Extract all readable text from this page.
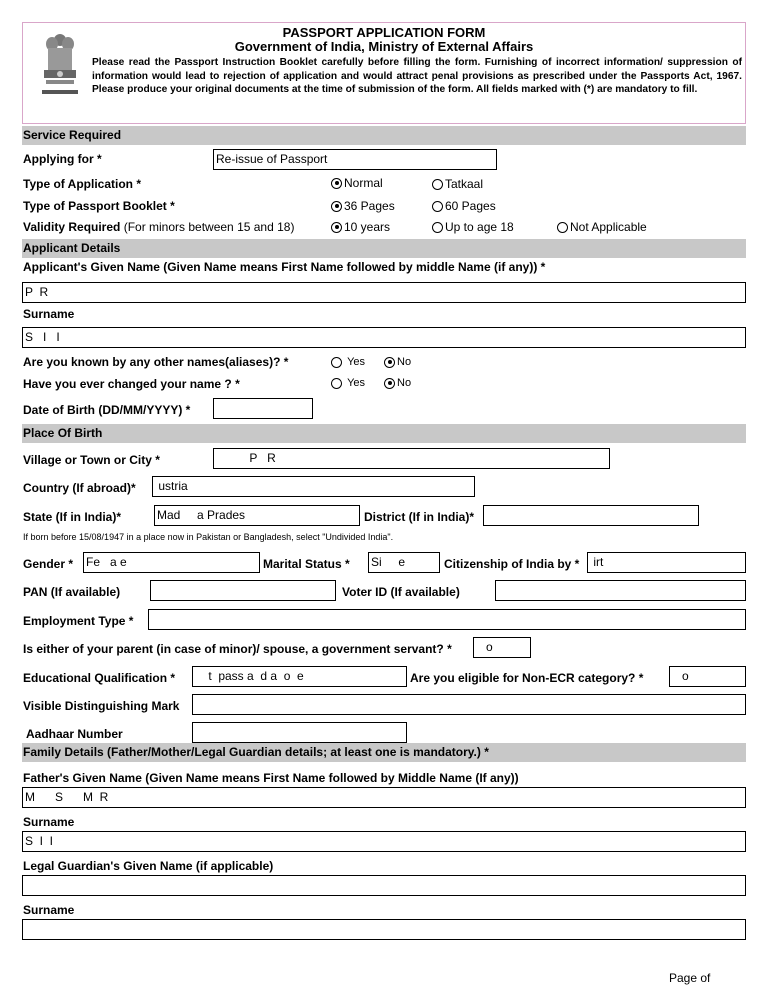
PASSPORT APPLICATION FORM
Government of India, Ministry of External Affairs
Please read the Passport Instruction Booklet carefully before filling the form. Furnishing of incorrect information/ suppression of information would lead to rejection of application and would attract penal provisions as prescribed under the Passports Act, 1967. Please produce your original documents at the time of submission of the form. All fields marked with (*) are mandatory to fill.
Service Required
Applying for *	Re-issue of Passport
Type of Application *	Normal	Tatkaal
Type of Passport Booklet *	36 Pages	60 Pages
Validity Required (For minors between 15 and 18)	10 years	Up to age 18	Not Applicable
Applicant Details
Applicant's Given Name (Given Name means First Name followed by middle Name (if any)) *
P  R
Surname
S   I   I
Are you known by any other names(aliases)? *
	Yes	No
Have you ever changed your name ? *
	Yes	No
Date of Birth (DD/MM/YYYY) *
Place Of Birth
Village or Town or City *	P   R
Country (If abroad)* ustria
State (If in India)*	Mad     a Prades	District (If in India)*
If born before 15/08/1947 in a place now in Pakistan or Bangladesh, select "Undivided India".
Gender * Fe   a e	Marital Status * Si     e	Citizenship of India by * irt
PAN (If available)	Voter ID (If available)
Employment Type *
Is either of your parent (in case of minor)/ spouse, a government servant? * o
Educational Qualification * t  pass a  d a  o  e	Are you eligible for Non-ECR category? * o
Visible Distinguishing Mark
Aadhaar Number
Family Details (Father/Mother/Legal Guardian details; at least one is mandatory.) *
Father's Given Name (Given Name means First Name followed by Middle Name (If any))
M      S      M  R
Surname
S  I  I
Legal Guardian's Given Name (if applicable)
Surname
Page of
